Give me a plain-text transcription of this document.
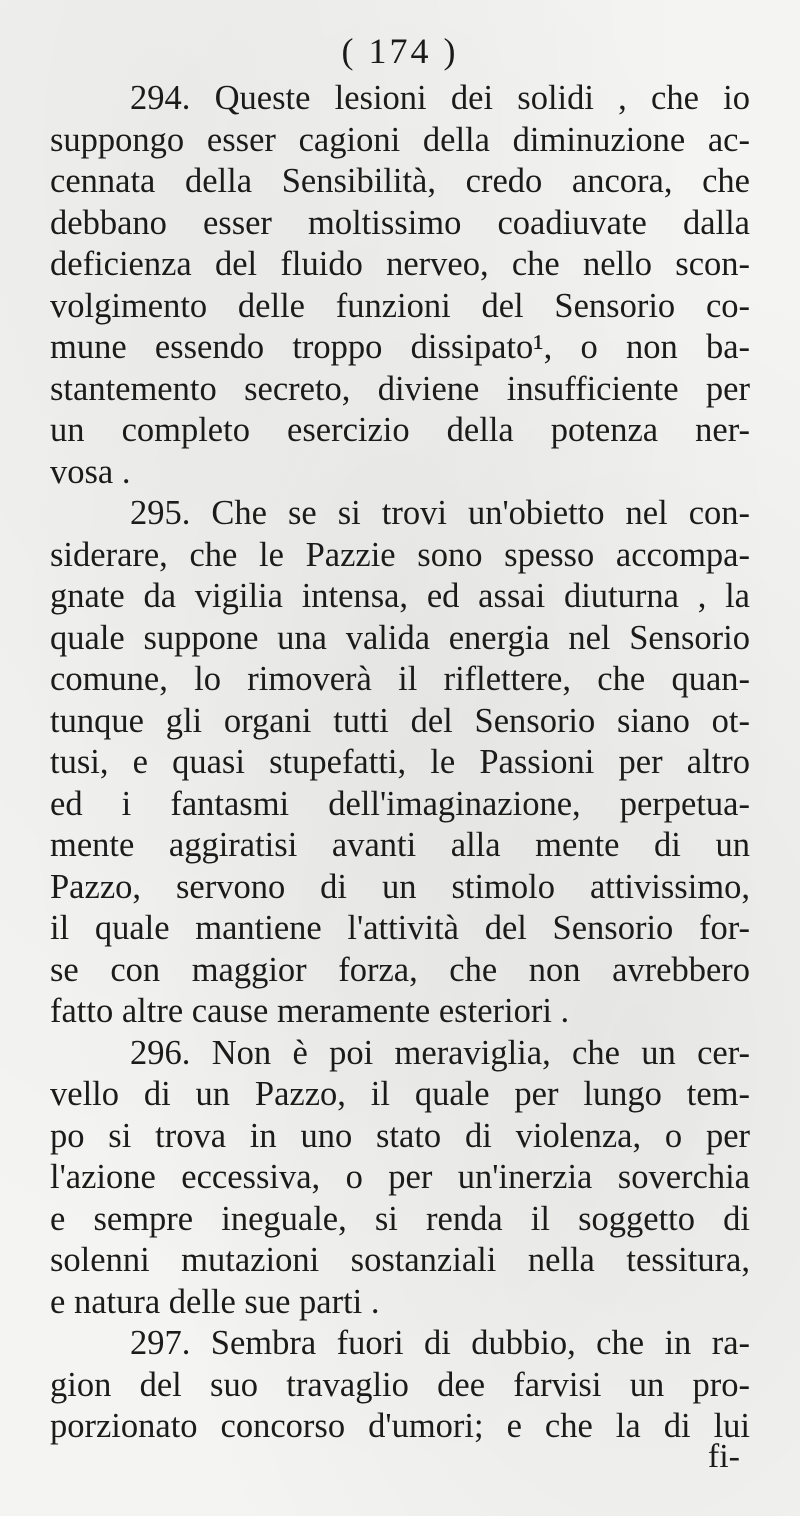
( 174 )
294. Queste lesioni dei solidi , che io
suppongo esser cagioni della diminuzione ac-
cennata della Sensibilità, credo ancora, che
debbano esser moltissimo coadiuvate dalla
deficienza del fluido nerveo, che nello scon-
volgimento delle funzioni del Sensorio co-
mune essendo troppo dissipato¹, o non ba-
stantemento secreto, diviene insufficiente per
un completo esercizio della potenza ner-
vosa .
295. Che se si trovi un'obietto nel con-
siderare, che le Pazzie sono spesso accompa-
gnate da vigilia intensa, ed assai diuturna , la
quale suppone una valida energia nel Sensorio
comune, lo rimoverà il riflettere, che quan-
tunque gli organi tutti del Sensorio siano ot-
tusi, e quasi stupefatti, le Passioni per altro
ed i fantasmi dell'imaginazione, perpetua-
mente aggiratisi avanti alla mente di un
Pazzo, servono di un stimolo attivissimo,
il quale mantiene l'attività del Sensorio for-
se con maggior forza, che non avrebbero
fatto altre cause meramente esteriori .
296. Non è poi meraviglia, che un cer-
vello di un Pazzo, il quale per lungo tem-
po si trova in uno stato di violenza, o per
l'azione eccessiva, o per un'inerzia soverchia
e sempre ineguale, si renda il soggetto di
solenni mutazioni sostanziali nella tessitura,
e natura delle sue parti .
297. Sembra fuori di dubbio, che in ra-
gion del suo travaglio dee farvisi un pro-
porzionato concorso d'umori; e che la di lui
fi-
